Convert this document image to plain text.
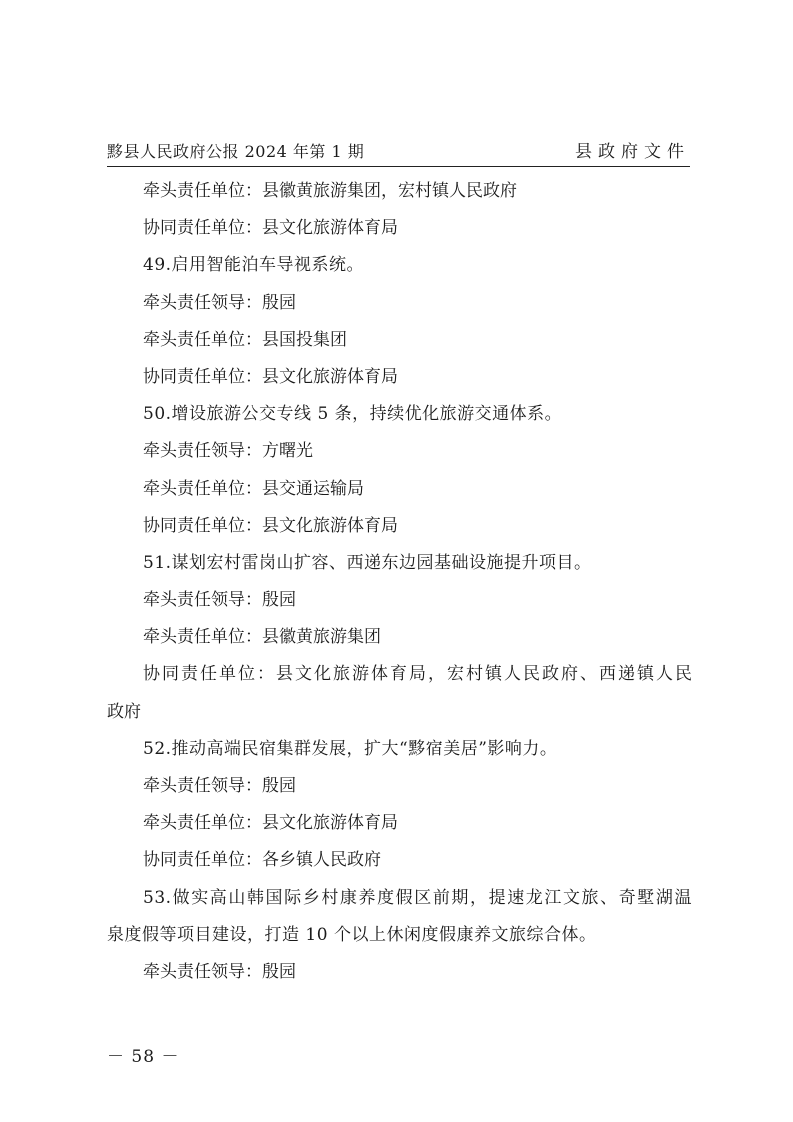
黟县人民政府公报 2024 年第 1 期	县政府文件
牵头责任单位：县徽黄旅游集团，宏村镇人民政府
协同责任单位：县文化旅游体育局
49.启用智能泊车导视系统。
牵头责任领导：殷园
牵头责任单位：县国投集团
协同责任单位：县文化旅游体育局
50.增设旅游公交专线 5 条，持续优化旅游交通体系。
牵头责任领导：方曙光
牵头责任单位：县交通运输局
协同责任单位：县文化旅游体育局
51.谋划宏村雷岗山扩容、西递东边园基础设施提升项目。
牵头责任领导：殷园
牵头责任单位：县徽黄旅游集团
协同责任单位：县文化旅游体育局，宏村镇人民政府、西递镇人民
政府
52.推动高端民宿集群发展，扩大“黟宿美居”影响力。
牵头责任领导：殷园
牵头责任单位：县文化旅游体育局
协同责任单位：各乡镇人民政府
53.做实高山韩国际乡村康养度假区前期，提速龙江文旅、奇墅湖温
泉度假等项目建设，打造 10 个以上休闲度假康养文旅综合体。
牵头责任领导：殷园
－ 58 －
